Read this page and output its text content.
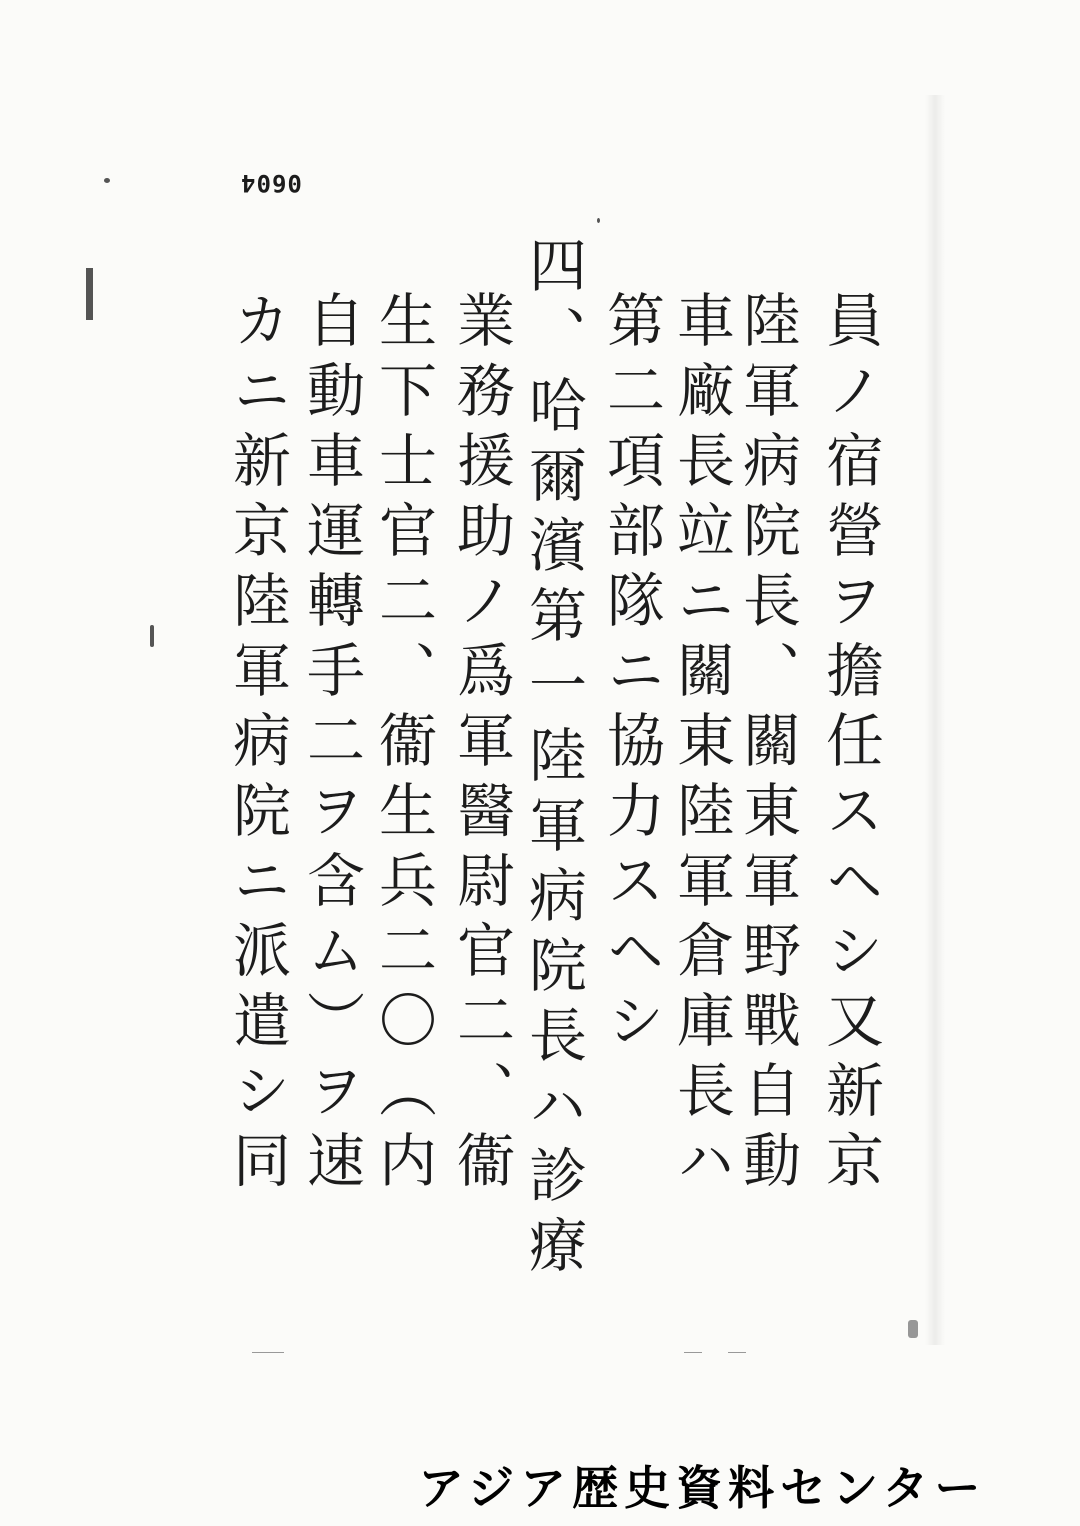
0604
員ノ宿營ヲ擔任スヘシ又新京
陸軍病院長、關東軍野戰自動
車廠長竝ニ關東陸軍倉庫長ハ
第二項部隊ニ協力スヘシ
四、哈爾濱第一陸軍病院長ハ診療
業務援助ノ爲軍醫尉官二、衞
生下士官二、衞生兵二〇（内
自動車運轉手二ヲ含ム）ヲ速
カニ新京陸軍病院ニ派遣シ同
アジア歴史資料センター
